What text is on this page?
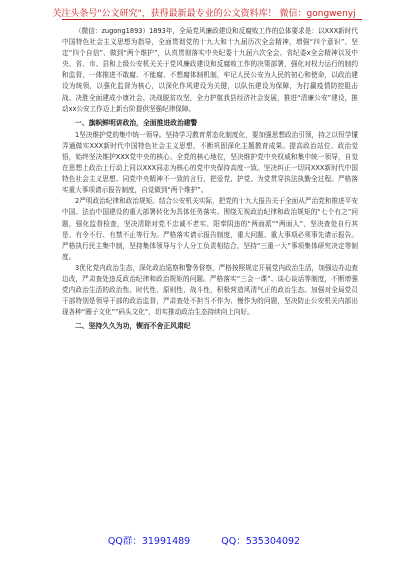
关注头条号"公文研究"，获得最新最专业的公文资料库！ 微信：gongwenyj

（微信：zugong1893）1893年，全局党风廉政建设和反腐败工作的总体要求是：以XXX新时代中国特色社会主义思想为指导，全面贯彻党的十九大和十九届历次全会精神，增强“四个意识”、坚定“四个自信”、做到“两个维护”，认真贯彻落实中央纪委十九届六次全会、省纪委x全会精神以及中央、省、市、县和上级公安机关关于党风廉政建设和反腐败工作的决策部署，强化对权力运行的制约和监督，一体推进不敢腐、不能腐、不想腐体制机制，牢记人民公安为人民的初心和使命，以政治建设为统领，以强化监督为核心，以深化作风建设为关键，以队伍建设为保障，为打赢疫情防控阻击战、决胜全面建成小康社会、决战脱贫攻坚，全力护航我县经济社会发展，推进“清廉公安”建设，推动xx公安工作迈上新台阶提供坚强纪律保障。

一、旗帜鲜明讲政治，全面推进政治建警

1坚决维护党的集中统一领导。坚持学习教育常态化制度化，要加强思想政治引领，持之以恒学懂弄通做实XXX新时代中国特色社会主义思想，不断巩固深化主题教育成果。提高政治站位、政治觉悟，始终坚决维护XXX党中央的核心、全党的核心地位，坚决维护党中央权威和集中统一领导，自觉在思想上政治上行动上同以XXX同志为核心的党中央保持高度一致。坚决纠正一切同XXX新时代中国特色社会主义思想、同党中央精神不一致的言行，把爱党、护党、为党贯穿执法执勤全过程。严格落实重大事项请示报告制度，自觉做到“两个维护”。

2严明政治纪律和政治规矩。结合公安机关实际，把党的十九大报告关于全面从严治党和推进平安中国、法治中国建设的重大部署转化为具体任务落实。围绕无视政治纪律和政治规矩的“七个有之”问题，强化监督检查，坚决清除对党不忠诚不老实、阳奉阴违的“两面派”“两面人”，坚决查处自行其是、有令不行、有禁不止等行为。严格落实请示报告制度，重大问题、重大事项必须事先请示报告。严格执行民主集中制，坚持集体领导与个人分工负责相结合，坚持“三重一大”事项集体研究决定等制度。

3优化党内政治生态，深化政治巡察和警务督察，严格按照规定开展党内政治生活，加强边办边查边改，严肃查处违反政治纪律和政治规矩的问题。严格落实“三会一课”、谈心谈话等制度，不断增强党内政治生活的政治性、时代性、原则性、战斗性，积极营造风清气正的政治生态。加强对全局党员干部特别是领导干部的政治监督，严肃查处不担当不作为、慢作为的问题，坚决防止公安机关内部出现各种“圈子文化”“码头文化”，切实推动政治生态持续向上向好。

二、坚持久久为功，锲而不舍正风肃纪
QQ群：31991489	QQ：535304092
